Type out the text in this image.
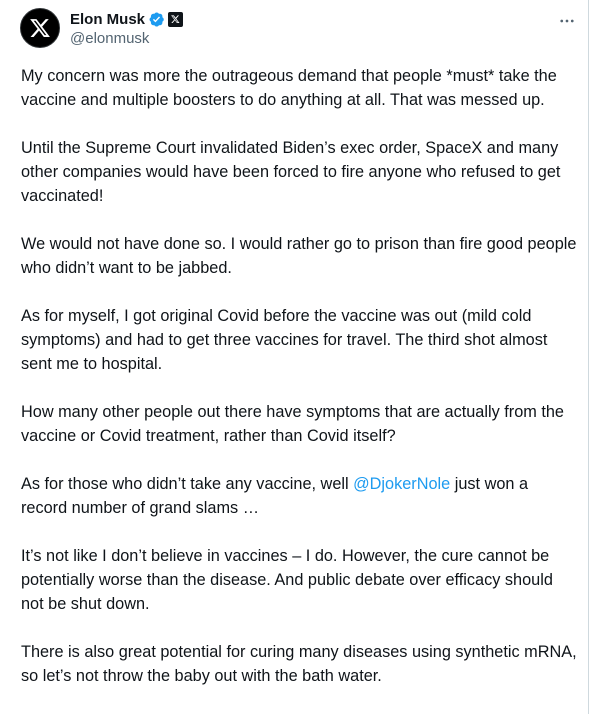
Elon Musk
@elonmusk

My concern was more the outrageous demand that people *must* take the vaccine and multiple boosters to do anything at all. That was messed up.

Until the Supreme Court invalidated Biden’s exec order, SpaceX and many other companies would have been forced to fire anyone who refused to get vaccinated!

We would not have done so. I would rather go to prison than fire good people who didn’t want to be jabbed.

As for myself, I got original Covid before the vaccine was out (mild cold symptoms) and had to get three vaccines for travel. The third shot almost sent me to hospital.

How many other people out there have symptoms that are actually from the vaccine or Covid treatment, rather than Covid itself?

As for those who didn’t take any vaccine, well @DjokerNole just won a record number of grand slams …

It’s not like I don’t believe in vaccines – I do. However, the cure cannot be potentially worse than the disease. And public debate over efficacy should not be shut down.

There is also great potential for curing many diseases using synthetic mRNA, so let’s not throw the baby out with the bath water.
